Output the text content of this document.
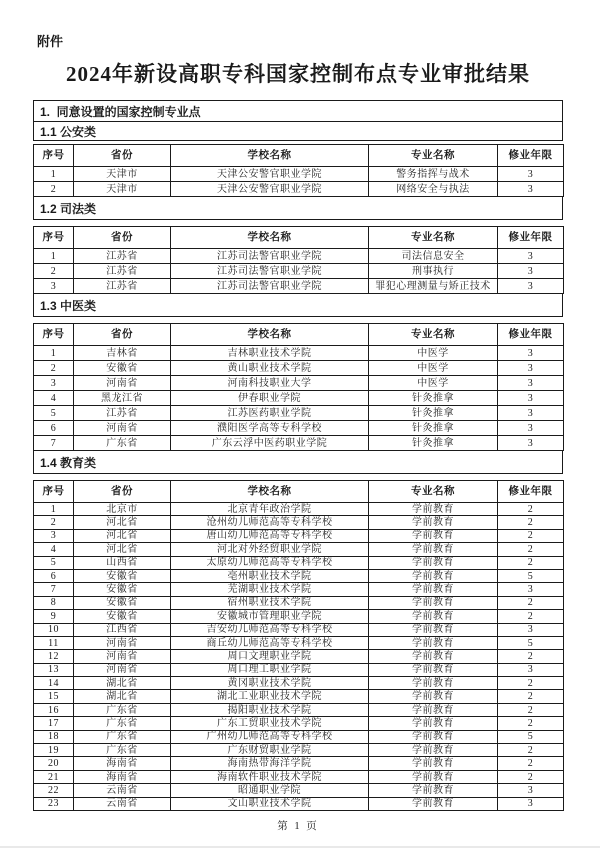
附件
2024年新设高职专科国家控制布点专业审批结果
1.  同意设置的国家控制专业点
1.1 公安类
序号	省份	学校名称	专业名称	修业年限
1	天津市	天津公安警官职业学院	警务指挥与战术	3
2	天津市	天津公安警官职业学院	网络安全与执法	3
1.2 司法类
序号	省份	学校名称	专业名称	修业年限
1	江苏省	江苏司法警官职业学院	司法信息安全	3
2	江苏省	江苏司法警官职业学院	刑事执行	3
3	江苏省	江苏司法警官职业学院	罪犯心理测量与矫正技术	3
1.3 中医类
序号	省份	学校名称	专业名称	修业年限
1	吉林省	吉林职业技术学院	中医学	3
2	安徽省	黄山职业技术学院	中医学	3
3	河南省	河南科技职业大学	中医学	3
4	黑龙江省	伊春职业学院	针灸推拿	3
5	江苏省	江苏医药职业学院	针灸推拿	3
6	河南省	濮阳医学高等专科学校	针灸推拿	3
7	广东省	广东云浮中医药职业学院	针灸推拿	3
1.4 教育类
序号	省份	学校名称	专业名称	修业年限
1	北京市	北京青年政治学院	学前教育	2
2	河北省	沧州幼儿师范高等专科学校	学前教育	2
3	河北省	唐山幼儿师范高等专科学校	学前教育	2
4	河北省	河北对外经贸职业学院	学前教育	2
5	山西省	太原幼儿师范高等专科学校	学前教育	2
6	安徽省	亳州职业技术学院	学前教育	5
7	安徽省	芜湖职业技术学院	学前教育	3
8	安徽省	宿州职业技术学院	学前教育	2
9	安徽省	安徽城市管理职业学院	学前教育	2
10	江西省	吉安幼儿师范高等专科学校	学前教育	3
11	河南省	商丘幼儿师范高等专科学校	学前教育	5
12	河南省	周口文理职业学院	学前教育	2
13	河南省	周口理工职业学院	学前教育	3
14	湖北省	黄冈职业技术学院	学前教育	2
15	湖北省	湖北工业职业技术学院	学前教育	2
16	广东省	揭阳职业技术学院	学前教育	2
17	广东省	广东工贸职业技术学院	学前教育	2
18	广东省	广州幼儿师范高等专科学校	学前教育	5
19	广东省	广东财贸职业学院	学前教育	2
20	海南省	海南热带海洋学院	学前教育	2
21	海南省	海南软件职业技术学院	学前教育	2
22	云南省	昭通职业学院	学前教育	3
23	云南省	文山职业技术学院	学前教育	3
第 1 页
